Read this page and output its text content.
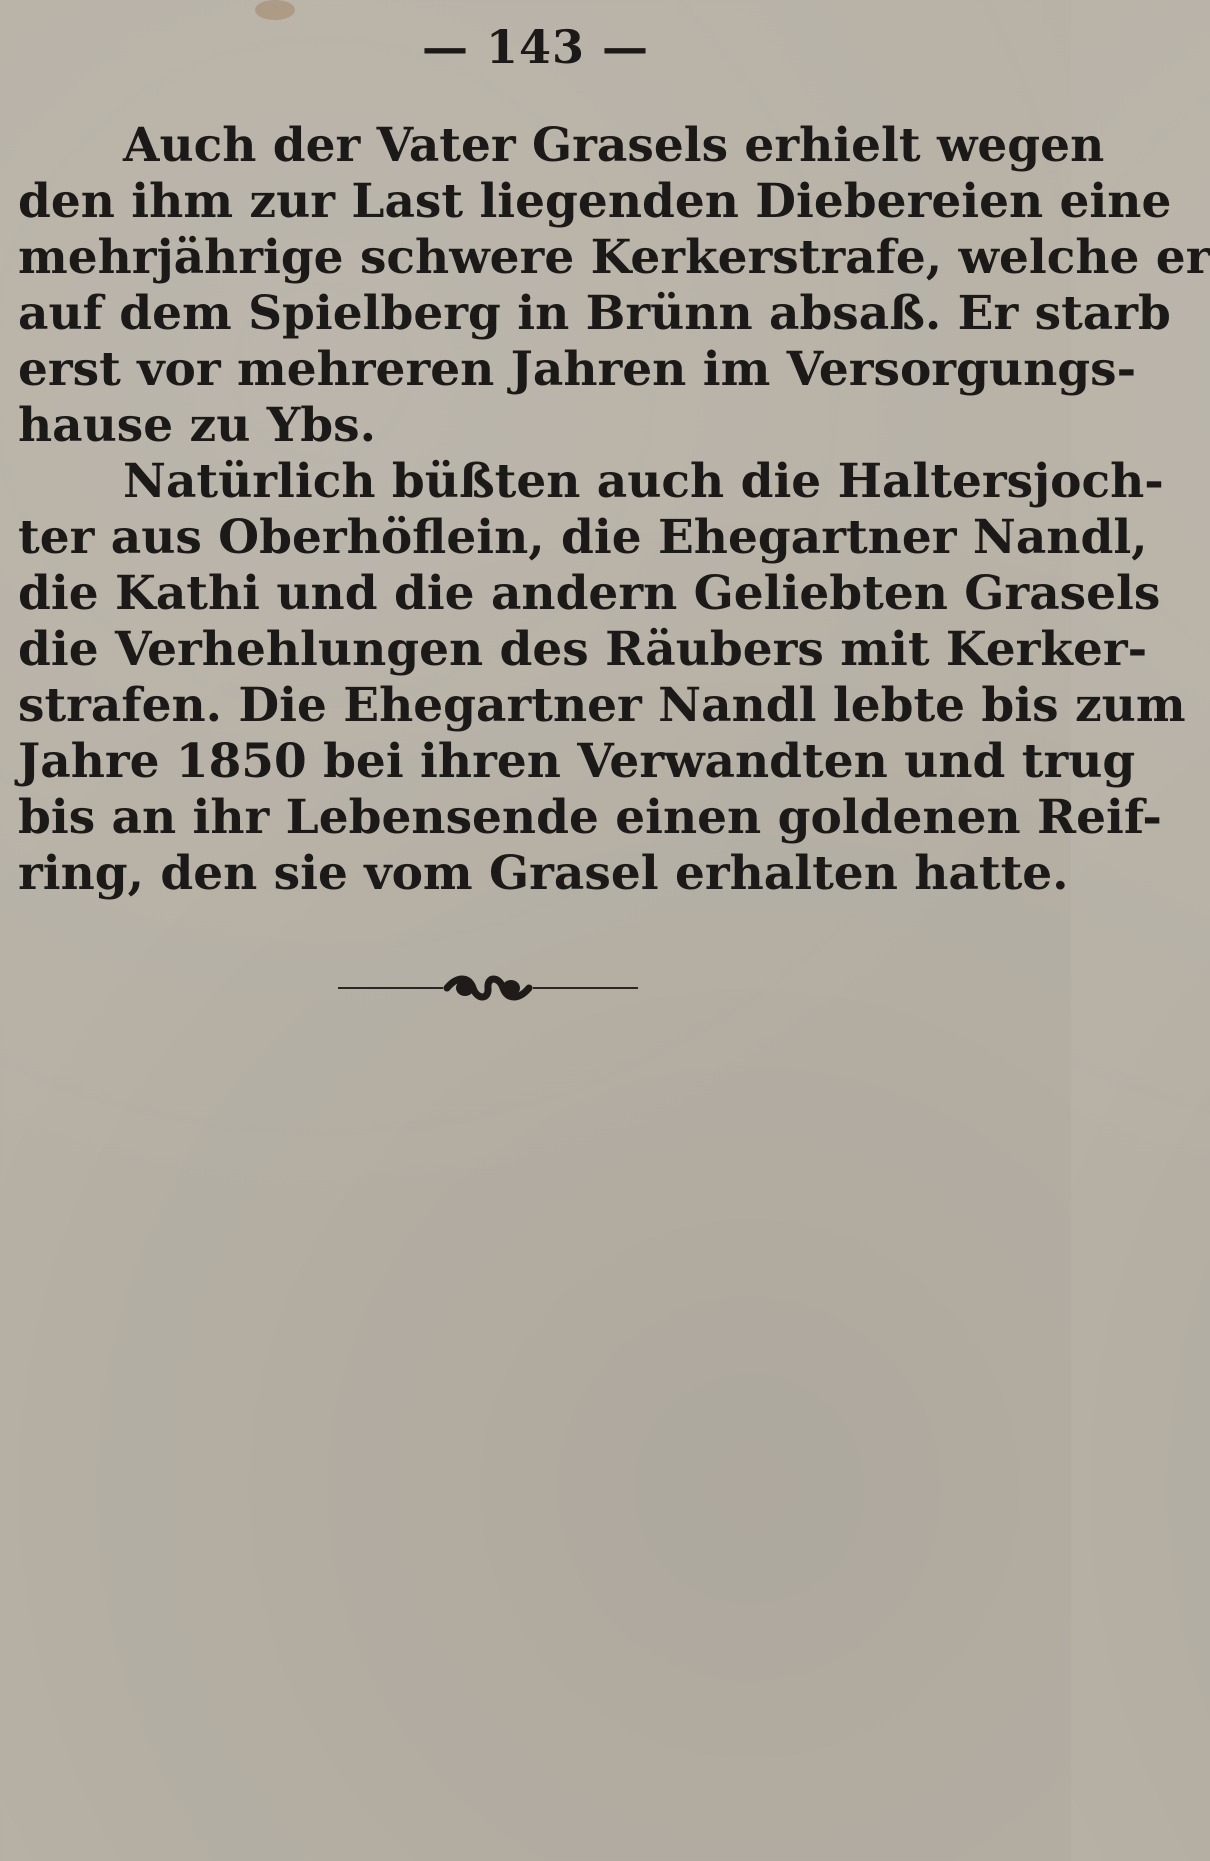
— 143 —
Auch der Vater Grasels erhielt wegen
den ihm zur Last liegenden Diebereien eine
mehrjährige schwere Kerkerstrafe, welche er
auf dem Spielberg in Brünn absaß. Er starb
erst vor mehreren Jahren im Versorgungs-
hause zu Ybs.
Natürlich büßten auch die Haltersjoch-
ter aus Oberhöflein, die Ehegartner Nandl,
die Kathi und die andern Geliebten Grasels
die Verhehlungen des Räubers mit Kerker-
strafen. Die Ehegartner Nandl lebte bis zum
Jahre 1850 bei ihren Verwandten und trug
bis an ihr Lebensende einen goldenen Reif-
ring, den sie vom Grasel erhalten hatte.
